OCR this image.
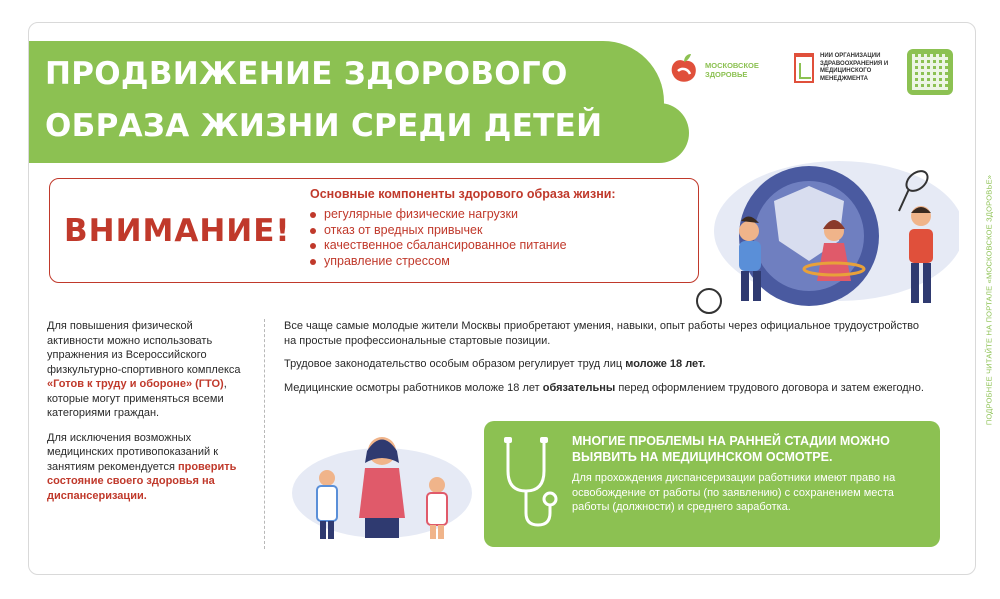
ПРОДВИЖЕНИЕ ЗДОРОВОГО
ОБРАЗА ЖИЗНИ СРЕДИ ДЕТЕЙ
МОСКОВСКОЕ ЗДОРОВЬЕ
НИИ ОРГАНИЗАЦИИ ЗДРАВООХРАНЕНИЯ И МЕДИЦИНСКОГО МЕНЕДЖМЕНТА
ВНИМАНИЕ!
Основные компоненты здорового образа жизни:
регулярные физические нагрузки
отказ от вредных привычек
качественное сбалансированное питание
управление стрессом

Для повышения физической активности можно использовать упражнения из Всероссийского физкультурно-спортивного комплекса «Готов к труду и обороне» (ГТО), которые могут применяться всеми категориями граждан.

Для исключения возможных медицинских противопоказаний к занятиям рекомендуется проверить состояние своего здоровья на диспансеризации.

Все чаще самые молодые жители Москвы приобретают умения, навыки, опыт работы через официальное трудоустройство на простые профессиональные стартовые позиции.

Трудовое законодательство особым образом регулирует труд лиц моложе 18 лет.

Медицинские осмотры работников моложе 18 лет обязательны перед оформлением трудового договора и затем ежегодно.

МНОГИЕ ПРОБЛЕМЫ НА РАННЕЙ СТАДИИ МОЖНО ВЫЯВИТЬ НА МЕДИЦИНСКОМ ОСМОТРЕ.
Для прохождения диспансеризации работники имеют право на освобождение от работы (по заявлению) с сохранением места работы (должности) и среднего заработка.
ПОДРОБНЕЕ ЧИТАЙТЕ НА ПОРТАЛЕ «МОСКОВСКОЕ ЗДОРОВЬЕ»
